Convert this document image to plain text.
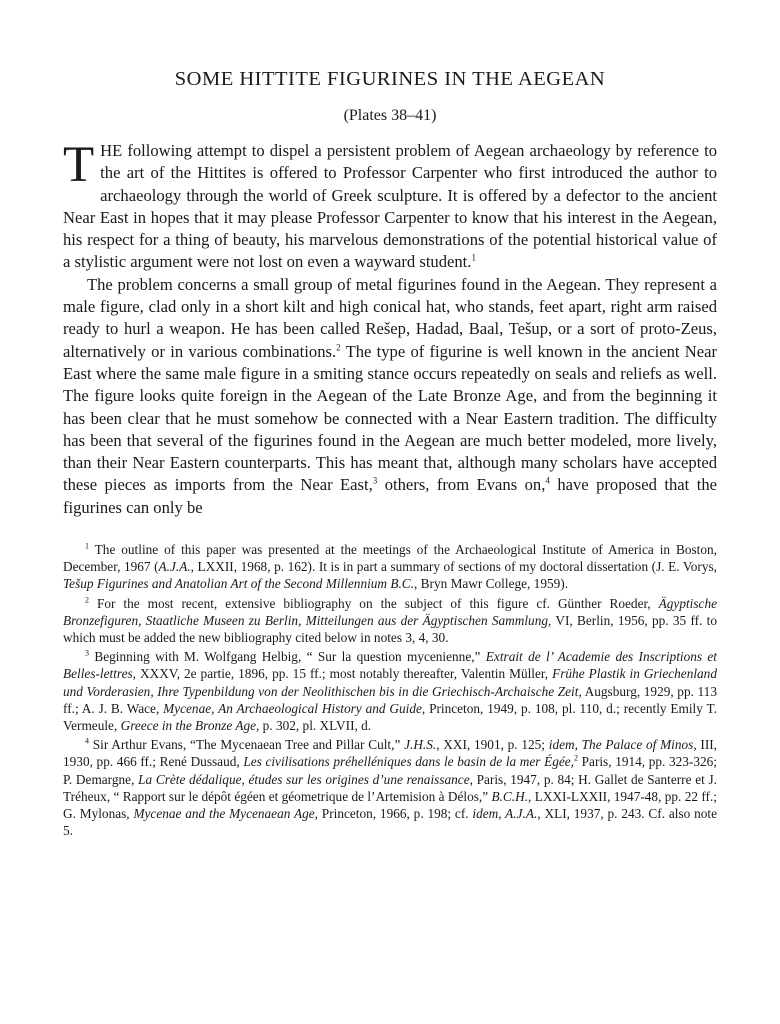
SOME HITTITE FIGURINES IN THE AEGEAN
(Plates 38–41)

THE following attempt to dispel a persistent problem of Aegean archaeology by reference to the art of the Hittites is offered to Professor Carpenter who first introduced the author to archaeology through the world of Greek sculpture. It is offered by a defector to the ancient Near East in hopes that it may please Professor Carpenter to know that his interest in the Aegean, his respect for a thing of beauty, his marvelous demonstrations of the potential historical value of a stylistic argument were not lost on even a wayward student.$^1$

The problem concerns a small group of metal figurines found in the Aegean. They represent a male figure, clad only in a short kilt and high conical hat, who stands, feet apart, right arm raised ready to hurl a weapon. He has been called Rešep, Hadad, Baal, Tešup, or a sort of proto-Zeus, alternatively or in various combinations.$^2$ The type of figurine is well known in the ancient Near East where the same male figure in a smiting stance occurs repeatedly on seals and reliefs as well. The figure looks quite foreign in the Aegean of the Late Bronze Age, and from the beginning it has been clear that he must somehow be connected with a Near Eastern tradition. The difficulty has been that several of the figurines found in the Aegean are much better modeled, more lively, than their Near Eastern counterparts. This has meant that, although many scholars have accepted these pieces as imports from the Near East,$^3$ others, from Evans on,$^4$ have proposed that the figurines can only be

$^1$ The outline of this paper was presented at the meetings of the Archaeological Institute of America in Boston, December, 1967 (A.J.A., LXXII, 1968, p. 162). It is in part a summary of sections of my doctoral dissertation (J. E. Vorys, Tešup Figurines and Anatolian Art of the Second Millennium B.C., Bryn Mawr College, 1959).

$^2$ For the most recent, extensive bibliography on the subject of this figure cf. Günther Roeder, Ägyptische Bronzefiguren, Staatliche Museen zu Berlin, Mitteilungen aus der Ägyptischen Sammlung, VI, Berlin, 1956, pp. 35 ff. to which must be added the new bibliography cited below in notes 3, 4, 30.

$^3$ Beginning with M. Wolfgang Helbig, “ Sur la question mycenienne,” Extrait de l’ Academie des Inscriptions et Belles-lettres, XXXV, 2e partie, 1896, pp. 15 ff.; most notably thereafter, Valentin Müller, Frühe Plastik in Griechenland und Vorderasien, Ihre Typenbildung von der Neolithischen bis in die Griechisch-Archaische Zeit, Augsburg, 1929, pp. 113 ff.; A. J. B. Wace, Mycenae, An Archaeological History and Guide, Princeton, 1949, p. 108, pl. 110, d.; recently Emily T. Vermeule, Greece in the Bronze Age, p. 302, pl. XLVII, d.

$^4$ Sir Arthur Evans, “The Mycenaean Tree and Pillar Cult,” J.H.S., XXI, 1901, p. 125; idem, The Palace of Minos, III, 1930, pp. 466 ff.; René Dussaud, Les civilisations préhelléniques dans le basin de la mer Égée,$^2$ Paris, 1914, pp. 323-326; P. Demargne, La Crète dédalique, études sur les origines d’une renaissance, Paris, 1947, p. 84; H. Gallet de Santerre et J. Tréheux, “ Rapport sur le dépôt égéen et géometrique de l’Artemision à Délos,” B.C.H., LXXI-LXXII, 1947-48, pp. 22 ff.; G. Mylonas, Mycenae and the Mycenaean Age, Princeton, 1966, p. 198; cf. idem, A.J.A., XLI, 1937, p. 243. Cf. also note 5.
